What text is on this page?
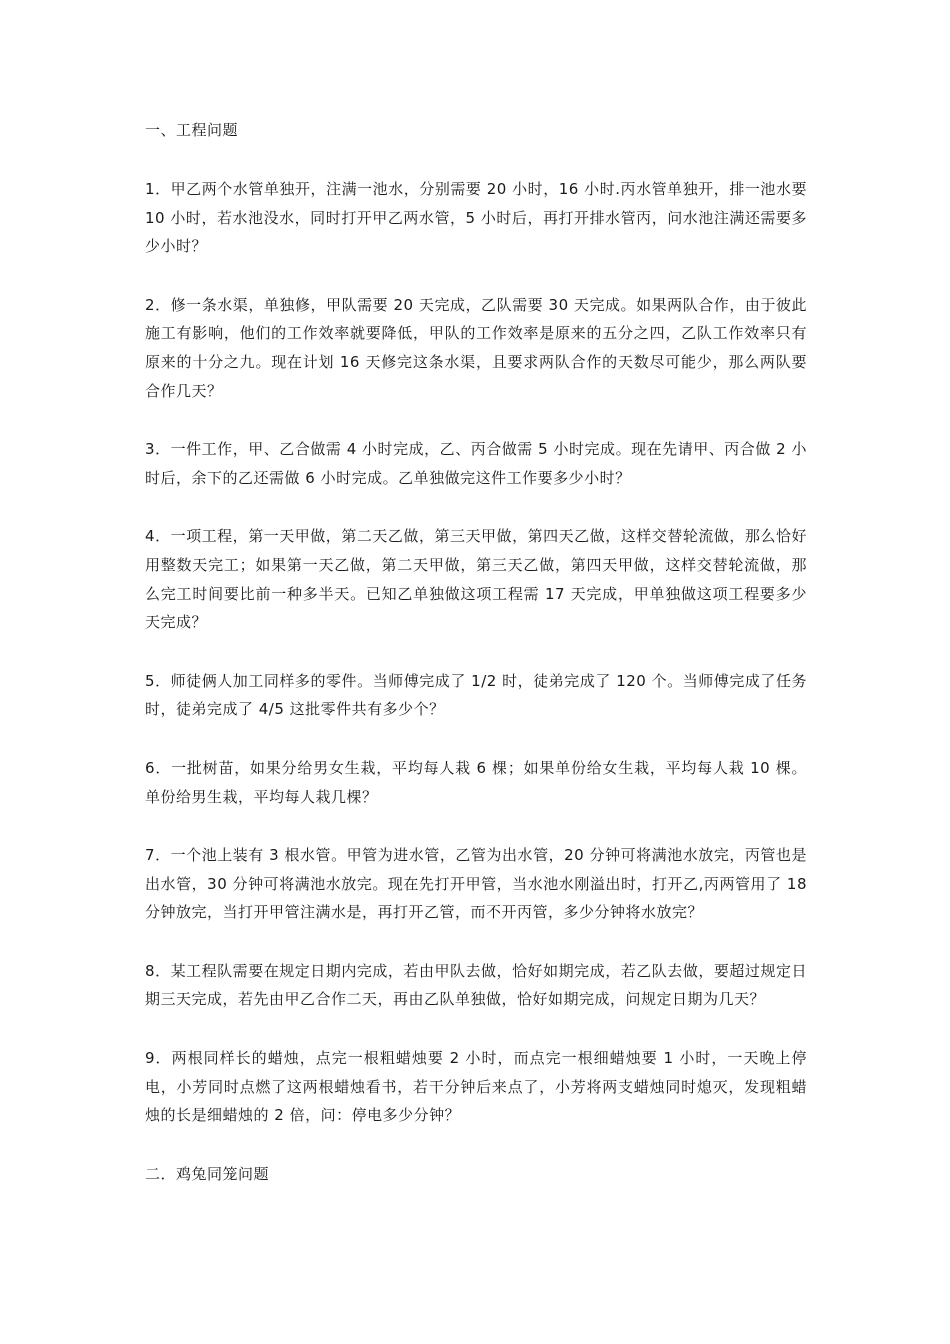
一、工程问题

1．甲乙两个水管单独开，注满一池水，分别需要 20 小时，16 小时.丙水管单独开，排一池水要 10 小时，若水池没水，同时打开甲乙两水管，5 小时后，再打开排水管丙，问水池注满还需要多少小时？

2．修一条水渠，单独修，甲队需要 20 天完成，乙队需要 30 天完成。如果两队合作，由于彼此施工有影响，他们的工作效率就要降低，甲队的工作效率是原来的五分之四，乙队工作效率只有原来的十分之九。现在计划 16 天修完这条水渠，且要求两队合作的天数尽可能少，那么两队要合作几天？

3．一件工作，甲、乙合做需 4 小时完成，乙、丙合做需 5 小时完成。现在先请甲、丙合做 2 小时后，余下的乙还需做 6 小时完成。乙单独做完这件工作要多少小时？

4．一项工程，第一天甲做，第二天乙做，第三天甲做，第四天乙做，这样交替轮流做，那么恰好用整数天完工；如果第一天乙做，第二天甲做，第三天乙做，第四天甲做，这样交替轮流做，那么完工时间要比前一种多半天。已知乙单独做这项工程需 17 天完成，甲单独做这项工程要多少天完成？

5．师徒俩人加工同样多的零件。当师傅完成了 1/2 时，徒弟完成了 120 个。当师傅完成了任务时，徒弟完成了 4/5 这批零件共有多少个？

6．一批树苗，如果分给男女生栽，平均每人栽 6 棵；如果单份给女生栽，平均每人栽 10 棵。单份给男生栽，平均每人栽几棵？

7．一个池上装有 3 根水管。甲管为进水管，乙管为出水管，20 分钟可将满池水放完，丙管也是出水管，30 分钟可将满池水放完。现在先打开甲管，当水池水刚溢出时，打开乙,丙两管用了 18 分钟放完，当打开甲管注满水是，再打开乙管，而不开丙管，多少分钟将水放完？

8．某工程队需要在规定日期内完成，若由甲队去做，恰好如期完成，若乙队去做，要超过规定日期三天完成，若先由甲乙合作二天，再由乙队单独做，恰好如期完成，问规定日期为几天？

9．两根同样长的蜡烛，点完一根粗蜡烛要 2 小时，而点完一根细蜡烛要 1 小时，一天晚上停电，小芳同时点燃了这两根蜡烛看书，若干分钟后来点了，小芳将两支蜡烛同时熄灭，发现粗蜡烛的长是细蜡烛的 2 倍，问：停电多少分钟？

二．鸡兔同笼问题
